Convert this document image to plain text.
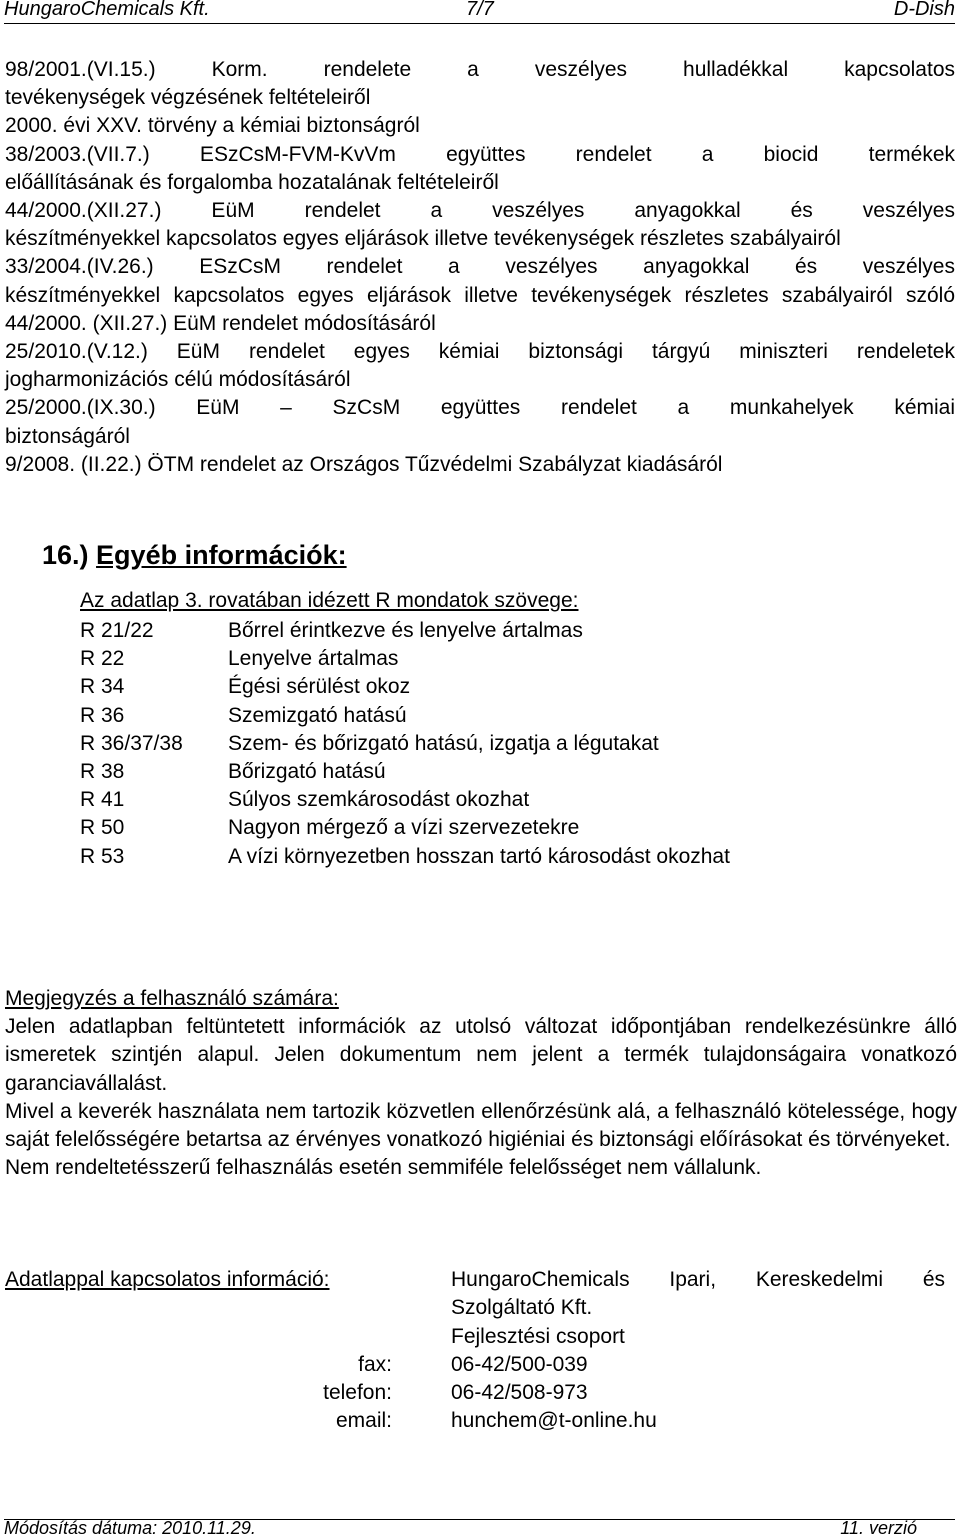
HungaroChemicals Kft.	7/7	D-Dish

98/2001.(VI.15.) Korm. rendelete a veszélyes hulladékkal kapcsolatos
tevékenységek végzésének feltételeiről

2000. évi XXV. törvény a kémiai biztonságról

38/2003.(VII.7.) ESzCsM-FVM-KvVm együttes rendelet a biocid termékek
előállításának és forgalomba hozatalának feltételeiről

44/2000.(XII.27.) EüM rendelet a veszélyes anyagokkal és veszélyes
készítményekkel kapcsolatos egyes eljárások illetve tevékenységek részletes szabályairól

33/2004.(IV.26.) ESzCsM rendelet a veszélyes anyagokkal és veszélyes
készítményekkel kapcsolatos egyes eljárások illetve tevékenységek részletes szabályairól szóló 44/2000. (XII.27.) EüM rendelet módosításáról

25/2010.(V.12.) EüM rendelet egyes kémiai biztonsági tárgyú miniszteri rendeletek
jogharmonizációs célú módosításáról

25/2000.(IX.30.) EüM – SzCsM együttes rendelet a munkahelyek kémiai
biztonságáról

9/2008. (II.22.) ÖTM rendelet az Országos Tűzvédelmi Szabályzat kiadásáról

16.) Egyéb információk:
Az adatlap 3. rovatában idézett R mondatok szövege:
R 21/22	Bőrrel érintkezve és lenyelve ártalmas
R 22	Lenyelve ártalmas
R 34	Égési sérülést okoz
R 36	Szemizgató hatású
R 36/37/38	Szem- és bőrizgató hatású, izgatja a légutakat
R 38	Bőrizgató hatású
R 41	Súlyos szemkárosodást okozhat
R 50	Nagyon mérgező a vízi szervezetekre
R 53	A vízi környezetben hosszan tartó károsodást okozhat
Megjegyzés a felhasználó számára:

Jelen adatlapban feltüntetett információk az utolsó változat időpontjában rendelkezésünkre álló ismeretek szintjén alapul. Jelen dokumentum nem jelent a termék tulajdonságaira vonatkozó garanciavállalást.

Mivel a keverék használata nem tartozik közvetlen ellenőrzésünk alá, a felhasználó kötelessége, hogy saját felelősségére betartsa az érvényes vonatkozó higiéniai és biztonsági előírásokat és törvényeket.

Nem rendeltetésszerű felhasználás esetén semmiféle felelősséget nem vállalunk.

Adatlappal kapcsolatos információ:	HungaroChemicals Ipari, Kereskedelmi és Szolgáltató Kft.
Fejlesztési csoport
fax:	06-42/500-039
telefon:	06-42/508-973
email:	hunchem@t-online.hu
Módosítás dátuma: 2010.11.29.	11. verzió
